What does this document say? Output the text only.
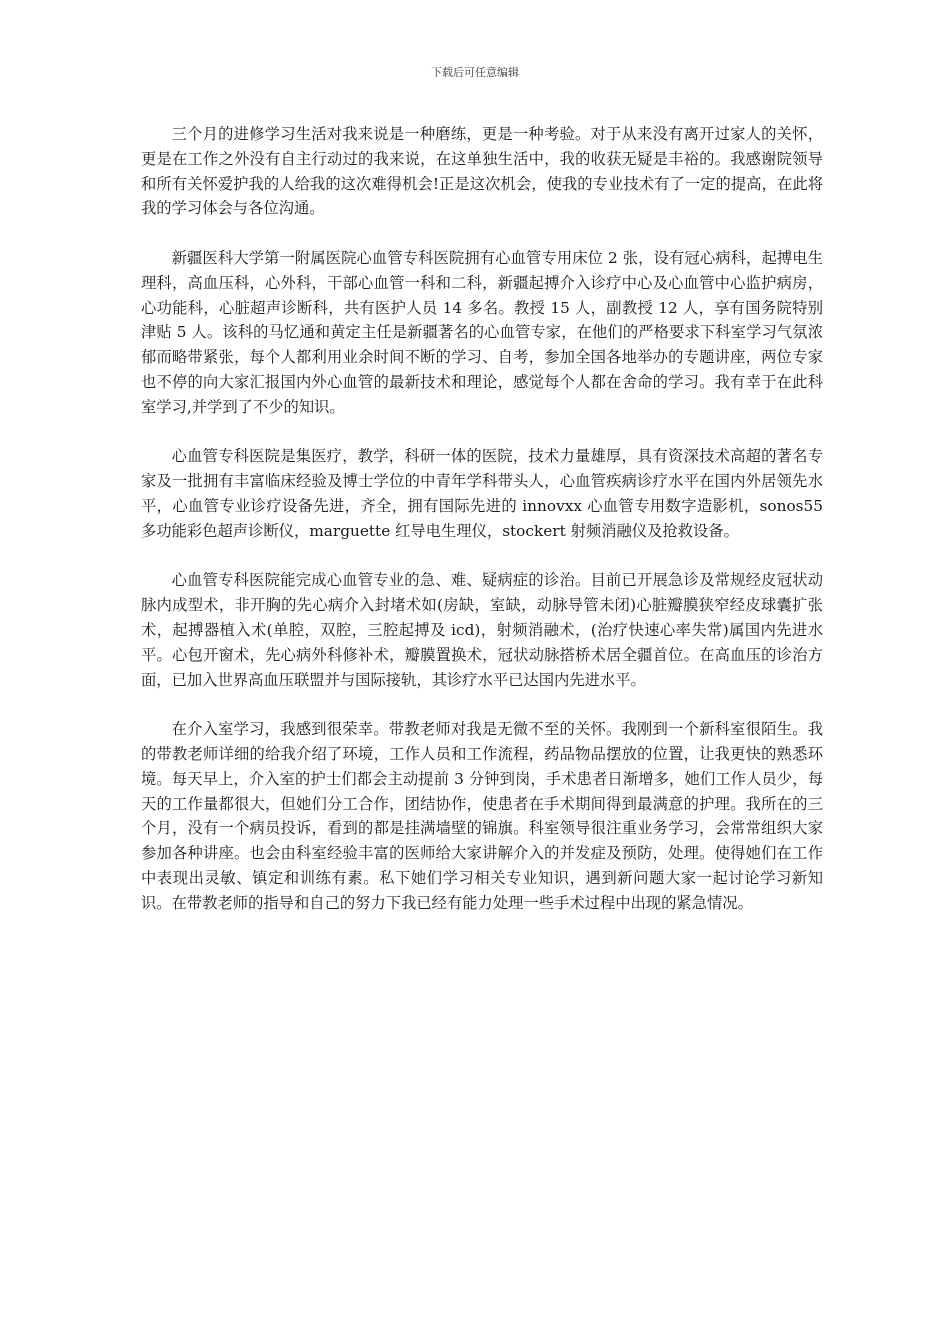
下载后可任意编辑

三个月的进修学习生活对我来说是一种磨练，更是一种考验。对于从来没有离开过家人的关怀，更是在工作之外没有自主行动过的我来说，在这单独生活中，我的收获无疑是丰裕的。我感谢院领导和所有关怀爱护我的人给我的这次难得机会!正是这次机会，使我的专业技术有了一定的提高，在此将我的学习体会与各位沟通。

新疆医科大学第一附属医院心血管专科医院拥有心血管专用床位 2 张，设有冠心病科，起搏电生理科，高血压科，心外科，干部心血管一科和二科，新疆起搏介入诊疗中心及心血管中心监护病房，心功能科，心脏超声诊断科，共有医护人员 14 多名。教授 15 人，副教授 12 人，享有国务院特别津贴 5 人。该科的马忆通和黄定主任是新疆著名的心血管专家，在他们的严格要求下科室学习气氛浓郁而略带紧张，每个人都利用业余时间不断的学习、自考，参加全国各地举办的专题讲座，两位专家也不停的向大家汇报国内外心血管的最新技术和理论，感觉每个人都在舍命的学习。我有幸于在此科室学习,并学到了不少的知识。

心血管专科医院是集医疗，教学，科研一体的医院，技术力量雄厚，具有资深技术高超的著名专家及一批拥有丰富临床经验及博士学位的中青年学科带头人，心血管疾病诊疗水平在国内外居领先水平，心血管专业诊疗设备先进，齐全，拥有国际先进的 innovxx 心血管专用数字造影机，sonos55 多功能彩色超声诊断仪，marguette 红导电生理仪，stockert 射频消融仪及抢救设备。

心血管专科医院能完成心血管专业的急、难、疑病症的诊治。目前已开展急诊及常规经皮冠状动脉内成型术，非开胸的先心病介入封堵术如(房缺，室缺，动脉导管未闭)心脏瓣膜狭窄经皮球囊扩张术，起搏器植入术(单腔，双腔，三腔起搏及 icd)，射频消融术，(治疗快速心率失常)属国内先进水平。心包开窗术，先心病外科修补术，瓣膜置换术，冠状动脉搭桥术居全疆首位。在高血压的诊治方面，已加入世界高血压联盟并与国际接轨，其诊疗水平已达国内先进水平。

在介入室学习，我感到很荣幸。带教老师对我是无微不至的关怀。我刚到一个新科室很陌生。我的带教老师详细的给我介绍了环境，工作人员和工作流程，药品物品摆放的位置，让我更快的熟悉环境。每天早上，介入室的护士们都会主动提前 3 分钟到岗，手术患者日渐增多，她们工作人员少，每天的工作量都很大，但她们分工合作，团结协作，使患者在手术期间得到最满意的护理。我所在的三个月，没有一个病员投诉，看到的都是挂满墙壁的锦旗。科室领导很注重业务学习，会常常组织大家参加各种讲座。也会由科室经验丰富的医师给大家讲解介入的并发症及预防，处理。使得她们在工作中表现出灵敏、镇定和训练有素。私下她们学习相关专业知识，遇到新问题大家一起讨论学习新知识。在带教老师的指导和自己的努力下我已经有能力处理一些手术过程中出现的紧急情况。
